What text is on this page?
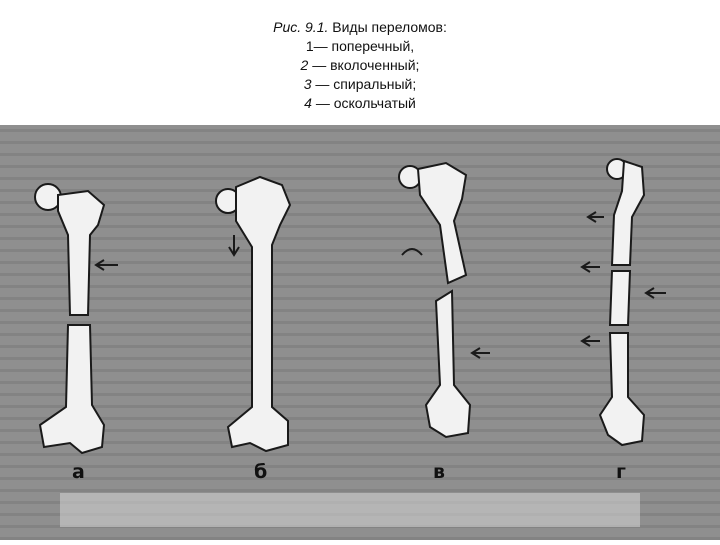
Рис. 9.1. Виды переломов:
1— поперечный,
2 — вколоченный;
3 — спиральный;
4 — оскольчатый
а	б	в	г
